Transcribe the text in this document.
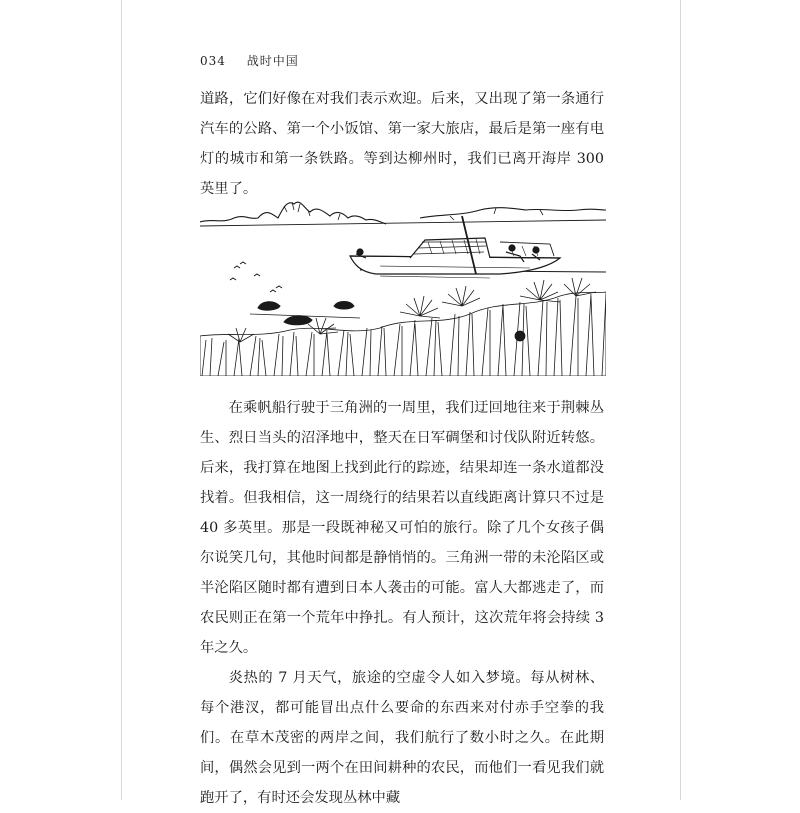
034 战时中国

道路，它们好像在对我们表示欢迎。后来，又出现了第一条通行汽车的公路、第一个小饭馆、第一家大旅店，最后是第一座有电灯的城市和第一条铁路。等到达柳州时，我们已离开海岸 300 英里了。

在乘帆船行驶于三角洲的一周里，我们迂回地往来于荆棘丛生、烈日当头的沼泽地中，整天在日军碉堡和讨伐队附近转悠。后来，我打算在地图上找到此行的踪迹，结果却连一条水道都没找着。但我相信，这一周绕行的结果若以直线距离计算只不过是 40 多英里。那是一段既神秘又可怕的旅行。除了几个女孩子偶尔说笑几句，其他时间都是静悄悄的。三角洲一带的未沦陷区或半沦陷区随时都有遭到日本人袭击的可能。富人大都逃走了，而农民则正在第一个荒年中挣扎。有人预计，这次荒年将会持续 3 年之久。

炎热的 7 月天气，旅途的空虚令人如入梦境。每从树林、每个港汊，都可能冒出点什么要命的东西来对付赤手空拳的我们。在草木茂密的两岸之间，我们航行了数小时之久。在此期间，偶然会见到一两个在田间耕种的农民，而他们一看见我们就跑开了，有时还会发现丛林中藏
